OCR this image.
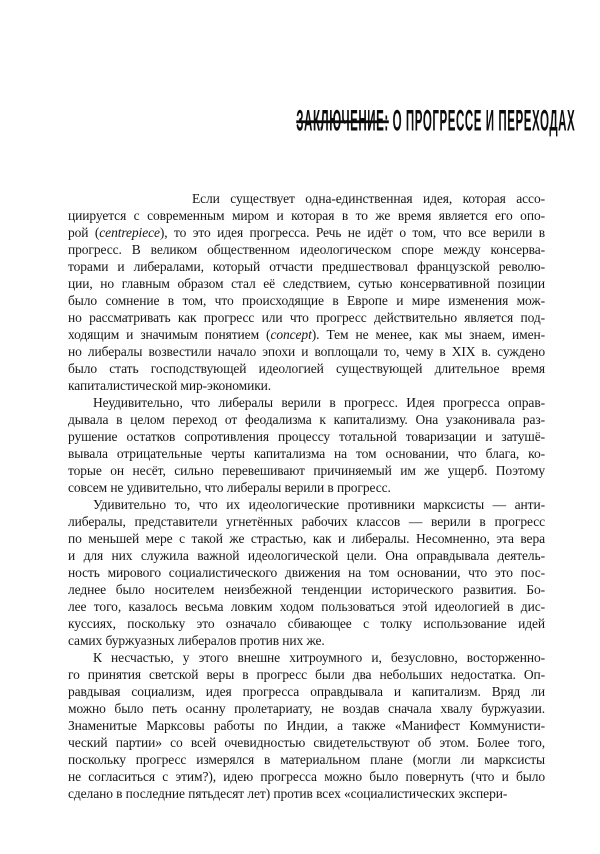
ЗАКЛЮЧЕНИЕ: О ПРОГРЕССЕ И ПЕРЕХОДАХ
Если существует одна-единственная идея, которая ассо-
циируется с современным миром и которая в то же время является его опо-
рой (centrepiece), то это идея прогресса. Речь не идёт о том, что все верили в
прогресс. В великом общественном идеологическом споре между консерва-
торами и либералами, который отчасти предшествовал французской револю-
ции, но главным образом стал её следствием, сутью консервативной позиции
было сомнение в том, что происходящие в Европе и мире изменения мож-
но рассматривать как прогресс или что прогресс действительно является под-
ходящим и значимым понятием (concept). Тем не менее, как мы знаем, имен-
но либералы возвестили начало эпохи и воплощали то, чему в XIX в. суждено
было стать господствующей идеологией существующей длительное время
капиталистической мир-экономики.
Неудивительно, что либералы верили в прогресс. Идея прогресса оправ-
дывала в целом переход от феодализма к капитализму. Она узаконивала раз-
рушение остатков сопротивления процессу тотальной товаризации и затушё-
вывала отрицательные черты капитализма на том основании, что блага, ко-
торые он несёт, сильно перевешивают причиняемый им же ущерб. Поэтому
совсем не удивительно, что либералы верили в прогресс.
Удивительно то, что их идеологические противники марксисты — анти-
либералы, представители угнетённых рабочих классов — верили в прогресс
по меньшей мере с такой же страстью, как и либералы. Несомненно, эта вера
и для них служила важной идеологической цели. Она оправдывала деятель-
ность мирового социалистического движения на том основании, что это пос-
леднее было носителем неизбежной тенденции исторического развития. Бо-
лее того, казалось весьма ловким ходом пользоваться этой идеологией в дис-
куссиях, поскольку это означало сбивающее с толку использование идей
самих буржуазных либералов против них же.
К несчастью, у этого внешне хитроумного и, безусловно, восторженно-
го принятия светской веры в прогресс были два небольших недостатка. Оп-
равдывая социализм, идея прогресса оправдывала и капитализм. Вряд ли
можно было петь осанну пролетариату, не воздав сначала хвалу буржуазии.
Знаменитые Марксовы работы по Индии, а также «Манифест Коммунисти-
ческий партии» со всей очевидностью свидетельствуют об этом. Более того,
поскольку прогресс измерялся в материальном плане (могли ли марксисты
не согласиться с этим?), идею прогресса можно было повернуть (что и было
сделано в последние пятьдесят лет) против всех «социалистических экспери-
